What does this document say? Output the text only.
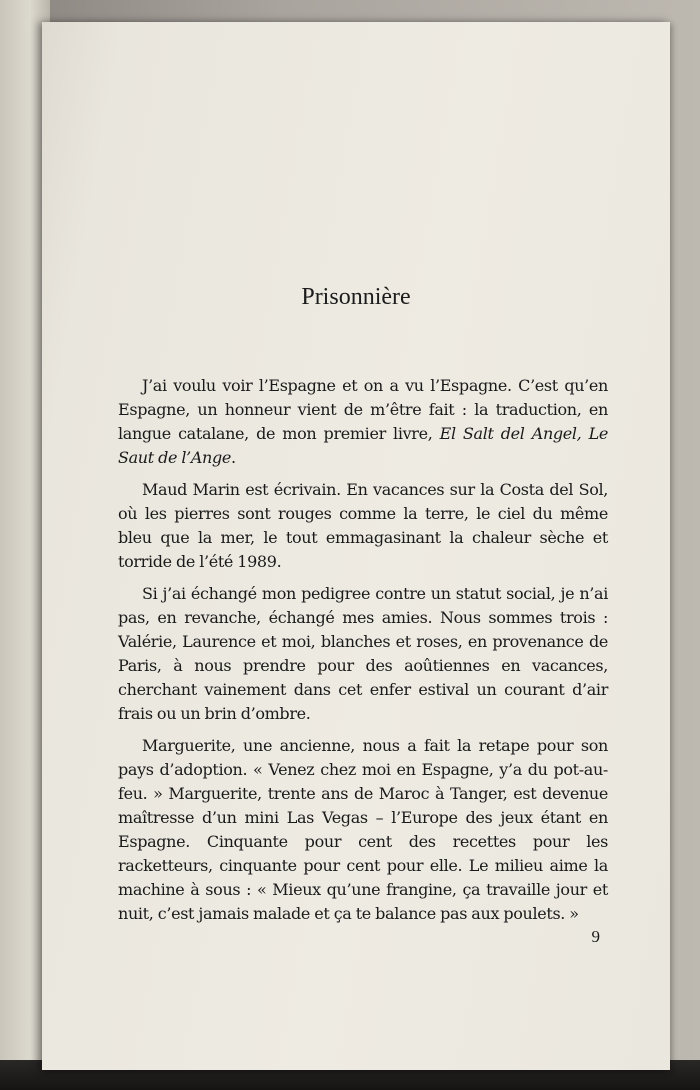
Prisonnière

J’ai voulu voir l’Espagne et on a vu l’Espagne. C’est qu’en Espagne, un honneur vient de m’être fait : la traduction, en langue catalane, de mon premier livre, El Salt del Angel, Le Saut de l’Ange.

Maud Marin est écrivain. En vacances sur la Costa del Sol, où les pierres sont rouges comme la terre, le ciel du même bleu que la mer, le tout emmagasinant la chaleur sèche et torride de l’été 1989.

Si j’ai échangé mon pedigree contre un statut social, je n’ai pas, en revanche, échangé mes amies. Nous sommes trois : Valérie, Laurence et moi, blanches et roses, en provenance de Paris, à nous prendre pour des aoûtiennes en vacances, cherchant vainement dans cet enfer estival un courant d’air frais ou un brin d’ombre.

Marguerite, une ancienne, nous a fait la retape pour son pays d’adoption. « Venez chez moi en Espagne, y’a du pot-au-feu. » Marguerite, trente ans de Maroc à Tanger, est devenue maîtresse d’un mini Las Vegas – l’Europe des jeux étant en Espagne. Cinquante pour cent des recettes pour les racketteurs, cinquante pour cent pour elle. Le milieu aime la machine à sous : « Mieux qu’une frangine, ça travaille jour et nuit, c’est jamais malade et ça te balance pas aux poulets. »

9
